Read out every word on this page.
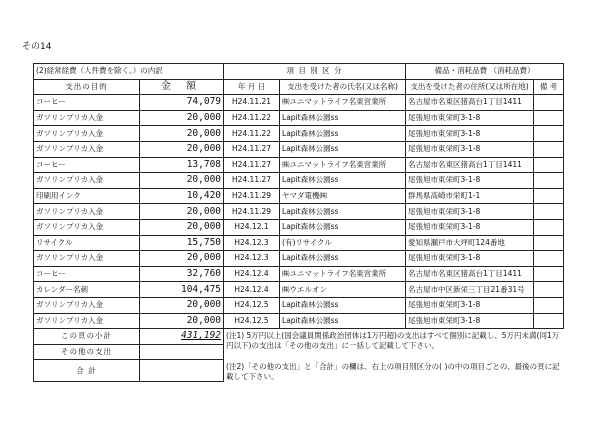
その14
(2)経常経費（人件費を除く。）の内訳		項 目 別 区 分		備品・消耗品費 （消耗品費）	
支出の目的	金 額	年 月 日	支出を受けた者の氏名(又は名称)	支出を受けた者の住所(又は所在地)	備 考
コーヒー	74,079	H24.11.21	㈱ユニマットライフ名東営業所	名古屋市名東区猪高台1丁目1411	
ガソリンプリカ入金	20,000	H24.11.22	Lapit森林公園ss	尾張旭市東栄町3-1-8	
ガソリンプリカ入金	20,000	H24.11.22	Lapit森林公園ss	尾張旭市東栄町3-1-8	
ガソリンプリカ入金	20,000	H24.11.27	Lapit森林公園ss	尾張旭市東栄町3-1-8	
コーヒー	13,708	H24.11.27	㈱ユニマットライフ名東営業所	名古屋市名東区猪高台1丁目1411	
ガソリンプリカ入金	20,000	H24.11.27	Lapit森林公園ss	尾張旭市東栄町3-1-8	
印刷用インク	10,420	H24.11.29	ヤマダ電機㈱	群馬県高崎市栄町1-1	
ガソリンプリカ入金	20,000	H24.11.29	Lapit森林公園ss	尾張旭市東栄町3-1-8	
ガソリンプリカ入金	20,000	H24.12.1	Lapit森林公園ss	尾張旭市東栄町3-1-8	
リサイクル	15,750	H24.12.3	(有)リサイクル	愛知県瀬戸市大坪町124番地	
ガソリンプリカ入金	20,000	H24.12.3	Lapit森林公園ss	尾張旭市東栄町3-1-8	
コーヒー	32,760	H24.12.4	㈱ユニマットライフ名東営業所	名古屋市名東区猪高台1丁目1411	
カレンダー名刺	104,475	H24.12.4	㈱ウエルオン	名古屋市中区新栄三丁目21番31号	
ガソリンプリカ入金	20,000	H24.12.5	Lapit森林公園ss	尾張旭市東栄町3-1-8	
ガソリンプリカ入金	20,000	H24.12.5	Lapit森林公園ss	尾張旭市東栄町3-1-8	
この頁の小計	431,192	(注1) 5万円以上(国会議員関係政治団体は1万円超)の支出はすべて個別に記載し、5万円未満(同1万円以下)の支出は「その他の支出」に一括して記載して下さい。			
その他の支出					
合 計		(注2)「その他の支出」と「合計」の欄は、右上の項目別区分の( )の中の項目ごとの、最後の頁に記載して下さい。			
